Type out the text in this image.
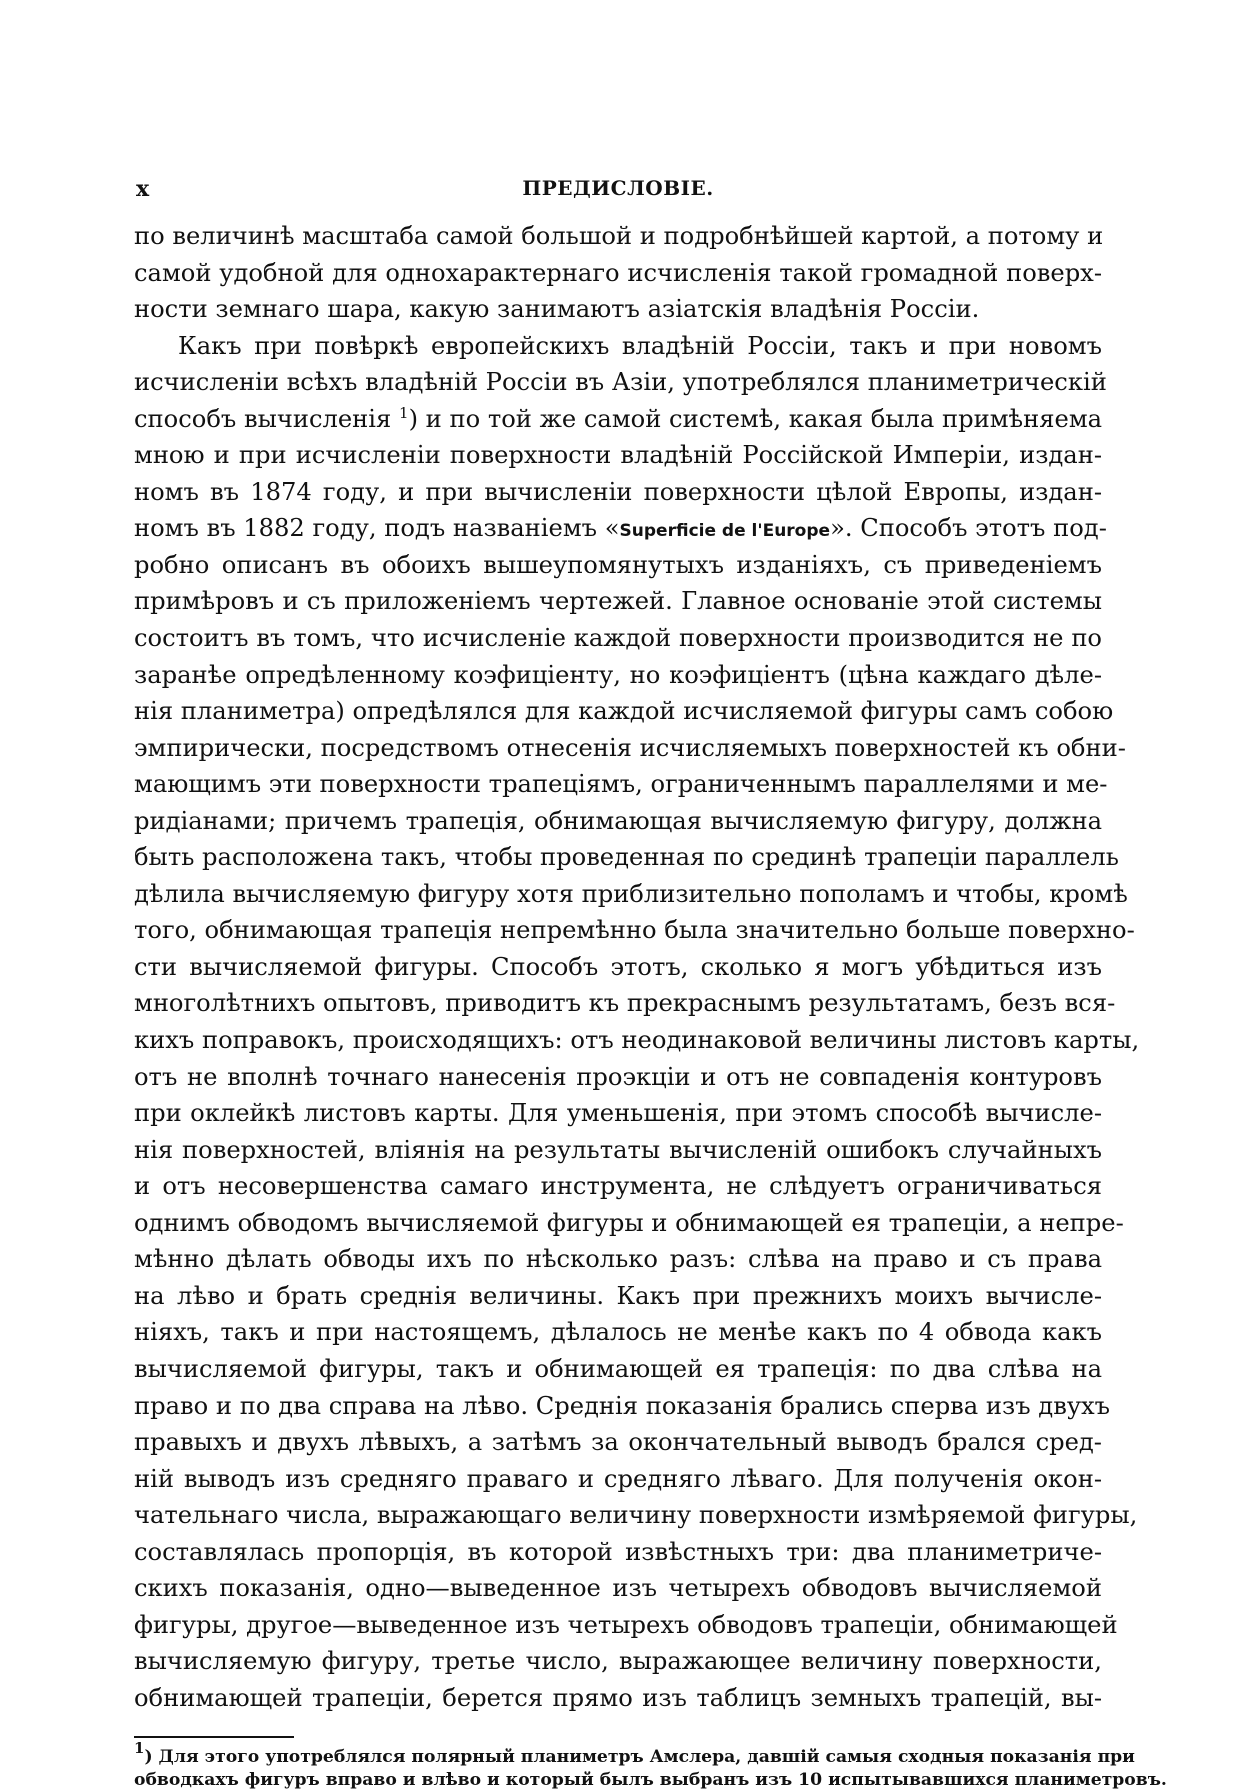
x	ПРЕДИСЛОВІЕ.
по величинѣ масштаба самой большой и подробнѣйшей картой, а потому и
самой удобной для однохарактернаго исчисленія такой громадной поверх-
ности земнаго шара, какую занимаютъ азіатскія владѣнія Россіи.
Какъ при повѣркѣ европейскихъ владѣній Россіи, такъ и при новомъ
исчисленіи всѣхъ владѣній Россіи въ Азіи, употреблялся планиметрическій
способъ вычисленія $^1$) и по той же самой системѣ, какая была примѣняема
мною и при исчисленіи поверхности владѣній Россійской Имперіи, издан-
номъ въ 1874 году, и при вычисленіи поверхности цѣлой Европы, издан-
номъ въ 1882 году, подъ названіемъ «Superficie de l'Europe». Способъ этотъ под-
робно описанъ въ обоихъ вышеупомянутыхъ изданіяхъ, съ приведеніемъ
примѣровъ и съ приложеніемъ чертежей. Главное основаніе этой системы
состоитъ въ томъ, что исчисленіе каждой поверхности производится не по
заранѣе опредѣленному коэфиціенту, но коэфиціентъ (цѣна каждаго дѣле-
нія планиметра) опредѣлялся для каждой исчисляемой фигуры самъ собою
эмпирически, посредствомъ отнесенія исчисляемыхъ поверхностей къ обни-
мающимъ эти поверхности трапеціямъ, ограниченнымъ параллелями и ме-
ридіанами; причемъ трапеція, обнимающая вычисляемую фигуру, должна
быть расположена такъ, чтобы проведенная по срединѣ трапеціи параллель
дѣлила вычисляемую фигуру хотя приблизительно пополамъ и чтобы, кромѣ
того, обнимающая трапеція непремѣнно была значительно больше поверхно-
сти вычисляемой фигуры. Способъ этотъ, сколько я могъ убѣдиться изъ
многолѣтнихъ опытовъ, приводитъ къ прекраснымъ результатамъ, безъ вся-
кихъ поправокъ, происходящихъ: отъ неодинаковой величины листовъ карты,
отъ не вполнѣ точнаго нанесенія проэкціи и отъ не совпаденія контуровъ
при оклейкѣ листовъ карты. Для уменьшенія, при этомъ способѣ вычисле-
нія поверхностей, вліянія на результаты вычисленій ошибокъ случайныхъ
и отъ несовершенства самаго инструмента, не слѣдуетъ ограничиваться
однимъ обводомъ вычисляемой фигуры и обнимающей ея трапеціи, а непре-
мѣнно дѣлать обводы ихъ по нѣсколько разъ: слѣва на право и съ права
на лѣво и брать среднія величины. Какъ при прежнихъ моихъ вычисле-
ніяхъ, такъ и при настоящемъ, дѣлалось не менѣе какъ по 4 обвода какъ
вычисляемой фигуры, такъ и обнимающей ея трапеція: по два слѣва на
право и по два справа на лѣво. Среднія показанія брались сперва изъ двухъ
правыхъ и двухъ лѣвыхъ, а затѣмъ за окончательный выводъ брался сред-
ній выводъ изъ средняго праваго и средняго лѣваго. Для полученія окон-
чательнаго числа, выражающаго величину поверхности измѣряемой фигуры,
составлялась пропорція, въ которой извѣстныхъ три: два планиметриче-
скихъ показанія, одно—выведенное изъ четырехъ обводовъ вычисляемой
фигуры, другое—выведенное изъ четырехъ обводовъ трапеціи, обнимающей
вычисляемую фигуру, третье число, выражающее величину поверхности,
обнимающей трапеціи, берется прямо изъ таблицъ земныхъ трапецій, вы-
1) Для этого употреблялся полярный планиметръ Амслера, давшій самыя сходныя показанія при
обводкахъ фигуръ вправо и влѣво и который былъ выбранъ изъ 10 испытывавшихся планиметровъ.
